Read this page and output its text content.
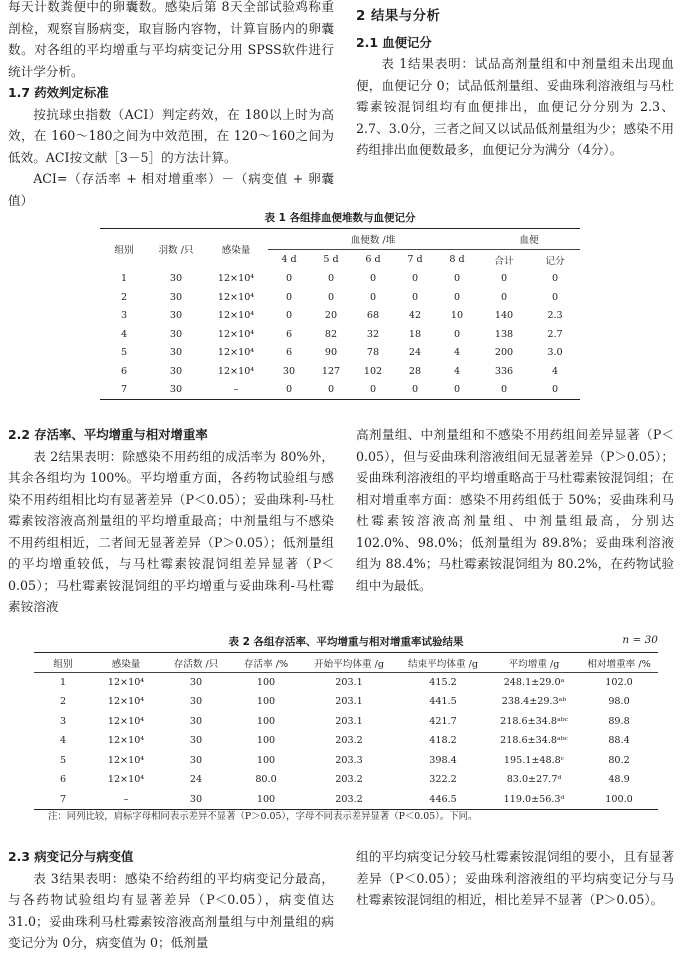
每天计数粪便中的卵囊数。感染后第 8天全部试验鸡称重剖检，观察盲肠病变，取盲肠内容物，计算盲肠内的卵囊数。对各组的平均增重与平均病变记分用 SPSS软件进行统计学分析。

1.7 药效判定标准

按抗球虫指数（ACI）判定药效，在 180以上时为高效，在 160～180之间为中效范围，在 120～160之间为低效。ACI按文献［3－5］的方法计算。

ACI=（存活率 + 相对增重率）－（病变值 + 卵囊值）

2 结果与分析

2.1 血便记分

表 1结果表明：试品高剂量组和中剂量组未出现血便，血便记分 0；试品低剂量组、妥曲珠利溶液组与马杜霉素铵混饲组均有血便排出，血便记分分别为 2.3、2.7、3.0分，三者之间又以试品低剂量组为少；感染不用药组排出血便数最多，血便记分为满分（4分）。

表 1 各组排血便堆数与血便记分
组别	羽数 /只	感染量	血便数 /堆					血便	
			4 d	5 d	6 d	7 d	8 d	合计	记分
1	30	12×10⁴	0	0	0	0	0	0	0
2	30	12×10⁴	0	0	0	0	0	0	0
3	30	12×10⁴	0	20	68	42	10	140	2.3
4	30	12×10⁴	6	82	32	18	0	138	2.7
5	30	12×10⁴	6	90	78	24	4	200	3.0
6	30	12×10⁴	30	127	102	28	4	336	4
7	30	–	0	0	0	0	0	0	0

2.2 存活率、平均增重与相对增重率

表 2结果表明：除感染不用药组的成活率为 80%外，其余各组均为 100%。平均增重方面，各药物试验组与感染不用药组相比均有显著差异（P＜0.05）；妥曲珠利-马杜霉素铵溶液高剂量组的平均增重最高；中剂量组与不感染不用药组相近，二者间无显著差异（P＞0.05）；低剂量组的平均增重较低，与马杜霉素铵混饲组差异显著（P＜0.05）；马杜霉素铵混饲组的平均增重与妥曲珠利-马杜霉素铵溶液

高剂量组、中剂量组和不感染不用药组间差异显著（P＜0.05），但与妥曲珠利溶液组间无显著差异（P＞0.05）；妥曲珠利溶液组的平均增重略高于马杜霉素铵混饲组；在相对增重率方面：感染不用药组低于 50%；妥曲珠利马杜霉素铵溶液高剂量组、中剂量组最高，分别达 102.0%、98.0%；低剂量组为 89.8%；妥曲珠利溶液组为 88.4%；马杜霉素铵混饲组为 80.2%，在药物试验组中为最低。

表 2 各组存活率、平均增重与相对增重率试验结果	n = 30
组别	感染量	存活数 /只	存活率 /%	开始平均体重 /g	结束平均体重 /g	平均增重 /g	相对增重率 /%
1	12×10⁴	30	100	203.1	415.2	248.1±29.0ᵃ	102.0
2	12×10⁴	30	100	203.1	441.5	238.4±29.3ᵃᵇ	98.0
3	12×10⁴	30	100	203.1	421.7	218.6±34.8ᵃᵇᶜ	89.8
4	12×10⁴	30	100	203.2	418.2	218.6±34.8ᵃᵇᶜ	88.4
5	12×10⁴	30	100	203.3	398.4	195.1±48.8ᶜ	80.2
6	12×10⁴	24	80.0	203.2	322.2	83.0±27.7ᵈ	48.9
7	–	30	100	203.2	446.5	119.0±56.3ᵈ	100.0
注：同列比较，肩标字母相同表示差异不显著（P＞0.05），字母不同表示差异显著（P＜0.05）。下同。

2.3 病变记分与病变值

表 3结果表明：感染不给药组的平均病变记分最高，与各药物试验组均有显著差异（P＜0.05），病变值达 31.0；妥曲珠利马杜霉素铵溶液高剂量组与中剂量组的病变记分为 0分，病变值为 0；低剂量

组的平均病变记分较马杜霉素铵混饲组的要小，且有显著差异（P＜0.05）；妥曲珠利溶液组的平均病变记分与马杜霉素铵混饲组的相近，相比差异不显著（P＞0.05）。
